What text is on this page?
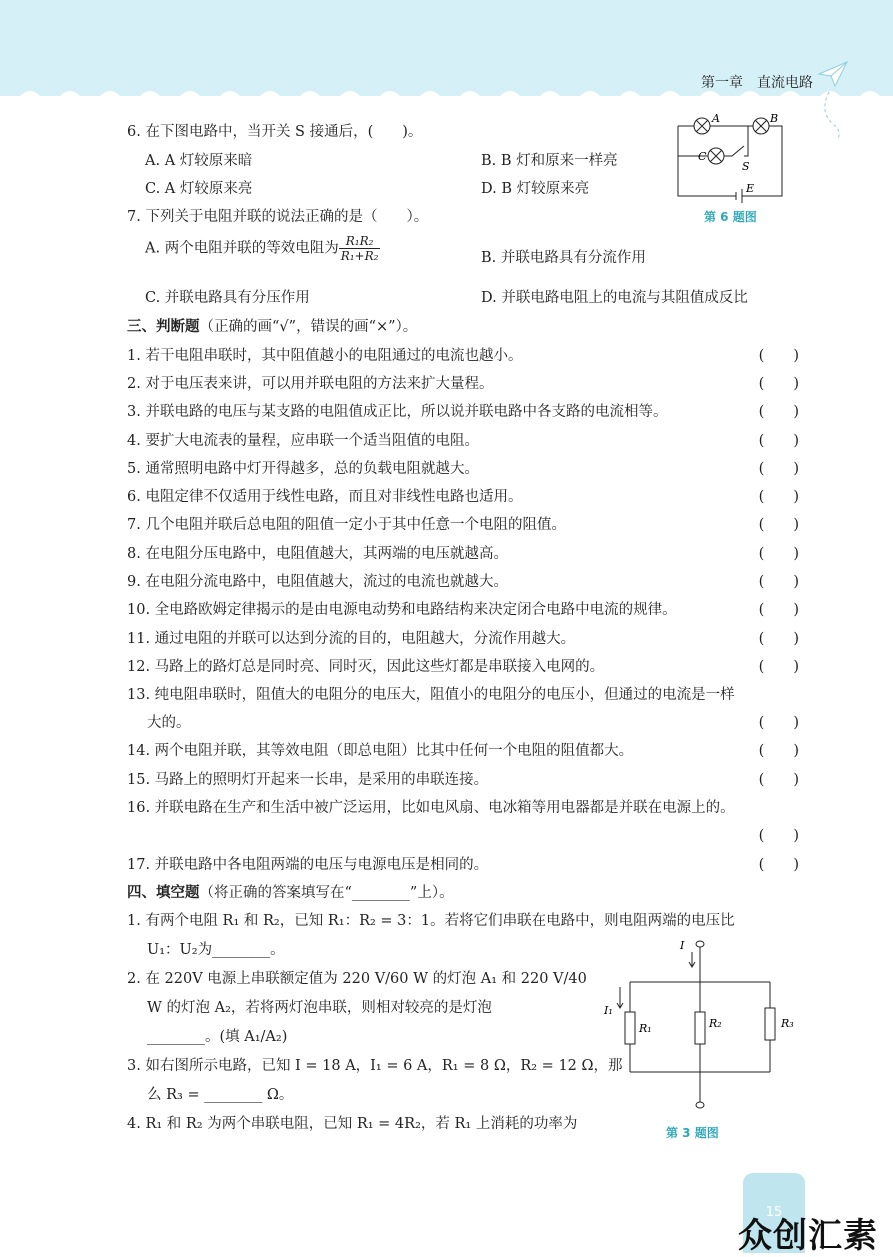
第一章 直流电路
6. 在下图电路中，当开关 S 接通后，(　　)。
A. A 灯较原来暗	B. B 灯和原来一样亮
C. A 灯较原来亮	D. B 灯较原来亮
7. 下列关于电阻并联的说法正确的是（　　）。
A. 两个电阻并联的等效电阻为 $\frac{\text{R₁R₂}}{\text{R₁+R₂}}$	B. 并联电路具有分流作用
C. 并联电路具有分压作用	D. 并联电路电阻上的电流与其阻值成反比
三、判断题（正确的画“√”，错误的画“×”）。
1. 若干电阻串联时，其中阻值越小的电阻通过的电流也越小。	(　　)
2. 对于电压表来讲，可以用并联电阻的方法来扩大量程。	(　　)
3. 并联电路的电压与某支路的电阻值成正比，所以说并联电路中各支路的电流相等。	(　　)
4. 要扩大电流表的量程，应串联一个适当阻值的电阻。	(　　)
5. 通常照明电路中灯开得越多，总的负载电阻就越大。	(　　)
6. 电阻定律不仅适用于线性电路，而且对非线性电路也适用。	(　　)
7. 几个电阻并联后总电阻的阻值一定小于其中任意一个电阻的阻值。	(　　)
8. 在电阻分压电路中，电阻值越大，其两端的电压就越高。	(　　)
9. 在电阻分流电路中，电阻值越大，流过的电流也就越大。	(　　)
10. 全电路欧姆定律揭示的是由电源电动势和电路结构来决定闭合电路中电流的规律。	(　　)
11. 通过电阻的并联可以达到分流的目的，电阻越大，分流作用越大。	(　　)
12. 马路上的路灯总是同时亮、同时灭，因此这些灯都是串联接入电网的。	(　　)
13. 纯电阻串联时，阻值大的电阻分的电压大，阻值小的电阻分的电压小，但通过的电流是一样
大的。	(　　)
14. 两个电阻并联，其等效电阻（即总电阻）比其中任何一个电阻的阻值都大。	(　　)
15. 马路上的照明灯开起来一长串，是采用的串联连接。	(　　)
16. 并联电路在生产和生活中被广泛运用，比如电风扇、电冰箱等用电器都是并联在电源上的。
(　　)
17. 并联电路中各电阻两端的电压与电源电压是相同的。	(　　)
四、填空题（将正确的答案填写在“________”上）。
1. 有两个电阻 R₁ 和 R₂，已知 R₁：R₂ = 3：1。若将它们串联在电路中，则电阻两端的电压比
U₁：U₂为________。
2. 在 220V 电源上串联额定值为 220 V/60 W 的灯泡 A₁ 和 220 V/40
W 的灯泡 A₂，若将两灯泡串联，则相对较亮的是灯泡
________。(填 A₁/A₂)
3. 如右图所示电路，已知 I = 18 A，I₁ = 6 A，R₁ = 8 Ω，R₂ = 12 Ω，那
么 R₃ = ________ Ω。
4. R₁ 和 R₂ 为两个串联电阻，已知 R₁ = 4R₂，若 R₁ 上消耗的功率为
A	B
C
S
E
第 6 题图
I
I₁
R₁	R₂	R₃
第 3 题图
15
众创汇素
